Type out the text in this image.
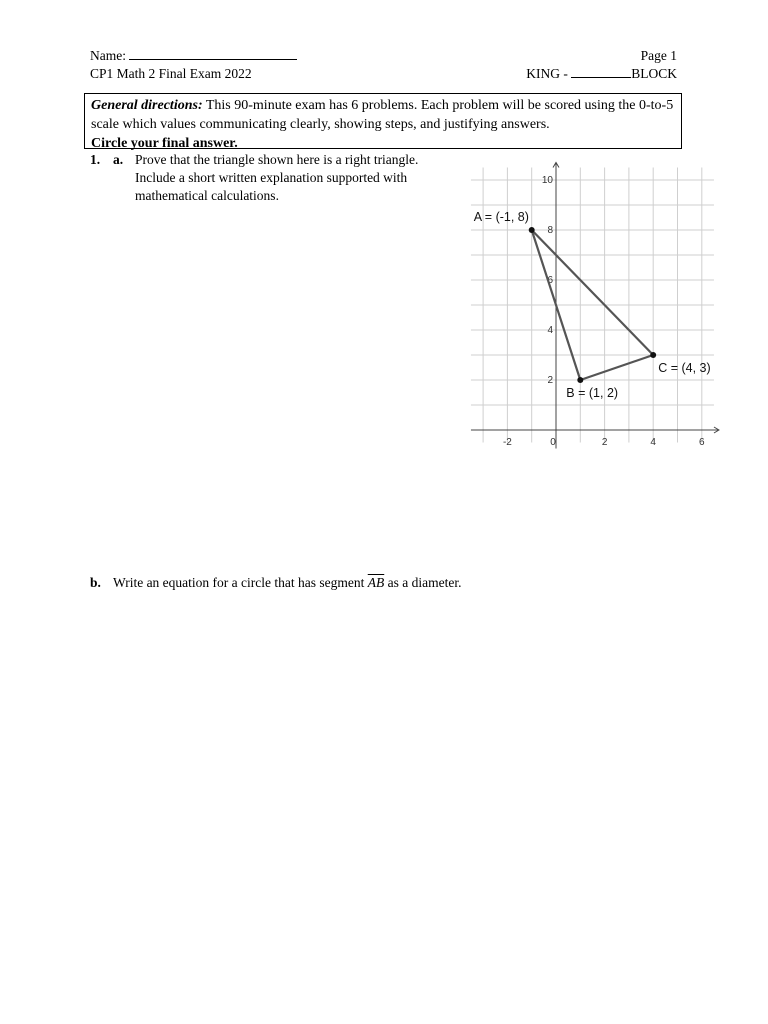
Name:	Page 1
CP1 Math 2 Final Exam 2022	KING -	BLOCK
General directions: This 90-minute exam has 6 problems. Each problem will be scored using the 0-to-5 scale which values communicating clearly, showing steps, and justifying answers.
Circle your final answer.
1. a. Prove that the triangle shown here is a right triangle.
Include a short written explanation supported with
mathematical calculations.
-2	0	2	4	6
2
4
6
8
10
A = (-1, 8)
B = (1, 2)
C = (4, 3)
b. Write an equation for a circle that has segment $\overline{AB}$ as a diameter.
